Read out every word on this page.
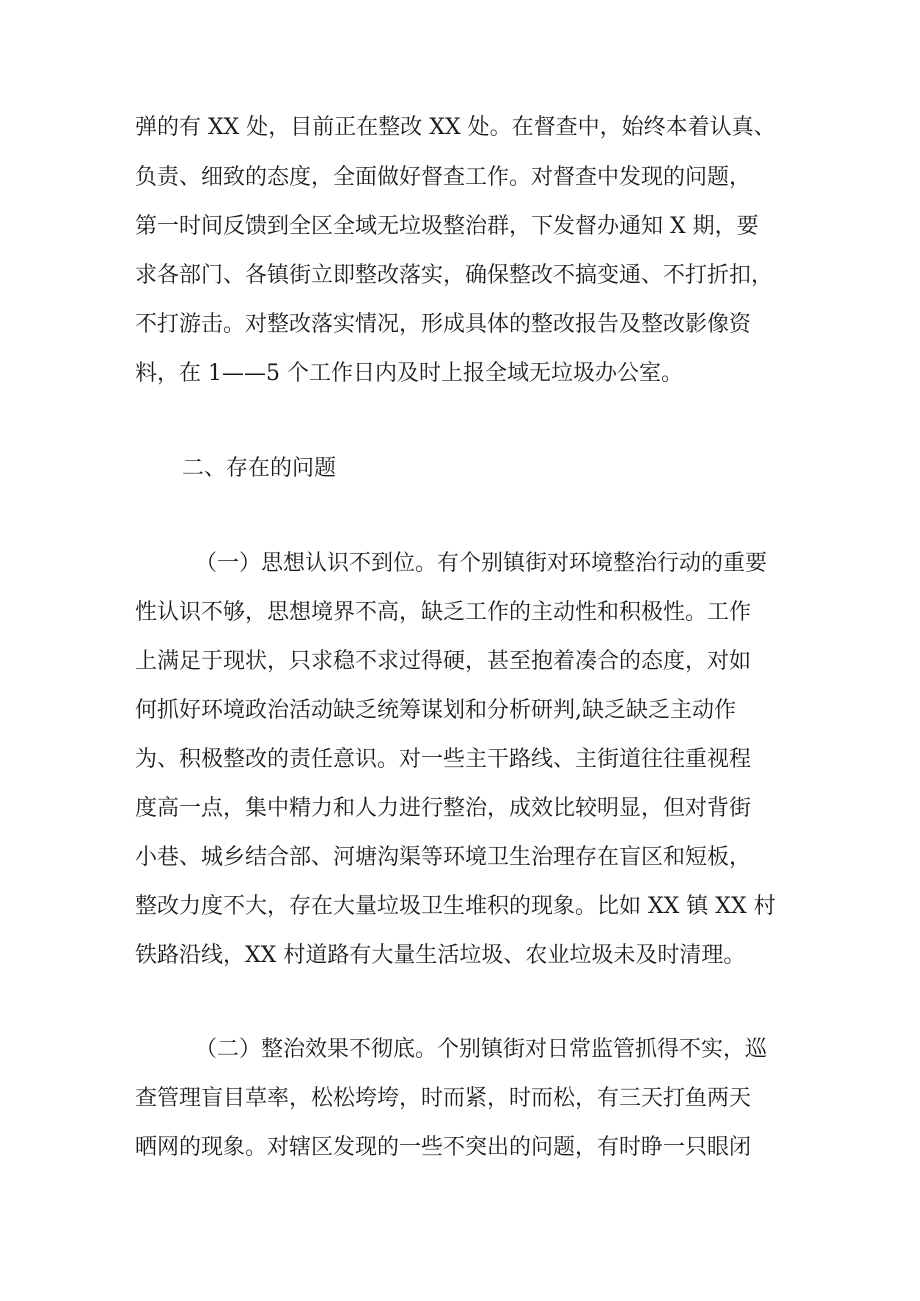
弹的有 XX 处，目前正在整改 XX 处。在督查中，始终本着认真、
负责、细致的态度，全面做好督查工作。对督查中发现的问题，
第一时间反馈到全区全域无垃圾整治群，下发督办通知 X 期，要
求各部门、各镇街立即整改落实，确保整改不搞变通、不打折扣，
不打游击。对整改落实情况，形成具体的整改报告及整改影像资
料，在 1——5 个工作日内及时上报全域无垃圾办公室。
二、存在的问题
（一）思想认识不到位。有个别镇街对环境整治行动的重要
性认识不够，思想境界不高，缺乏工作的主动性和积极性。工作
上满足于现状，只求稳不求过得硬，甚至抱着凑合的态度，对如
何抓好环境政治活动缺乏统筹谋划和分析研判,缺乏缺乏主动作
为、积极整改的责任意识。对一些主干路线、主街道往往重视程
度高一点，集中精力和人力进行整治，成效比较明显，但对背街
小巷、城乡结合部、河塘沟渠等环境卫生治理存在盲区和短板，
整改力度不大，存在大量垃圾卫生堆积的现象。比如 XX 镇 XX 村
铁路沿线，XX 村道路有大量生活垃圾、农业垃圾未及时清理。
（二）整治效果不彻底。个别镇街对日常监管抓得不实，巡
查管理盲目草率，松松垮垮，时而紧，时而松，有三天打鱼两天
晒网的现象。对辖区发现的一些不突出的问题，有时睁一只眼闭
